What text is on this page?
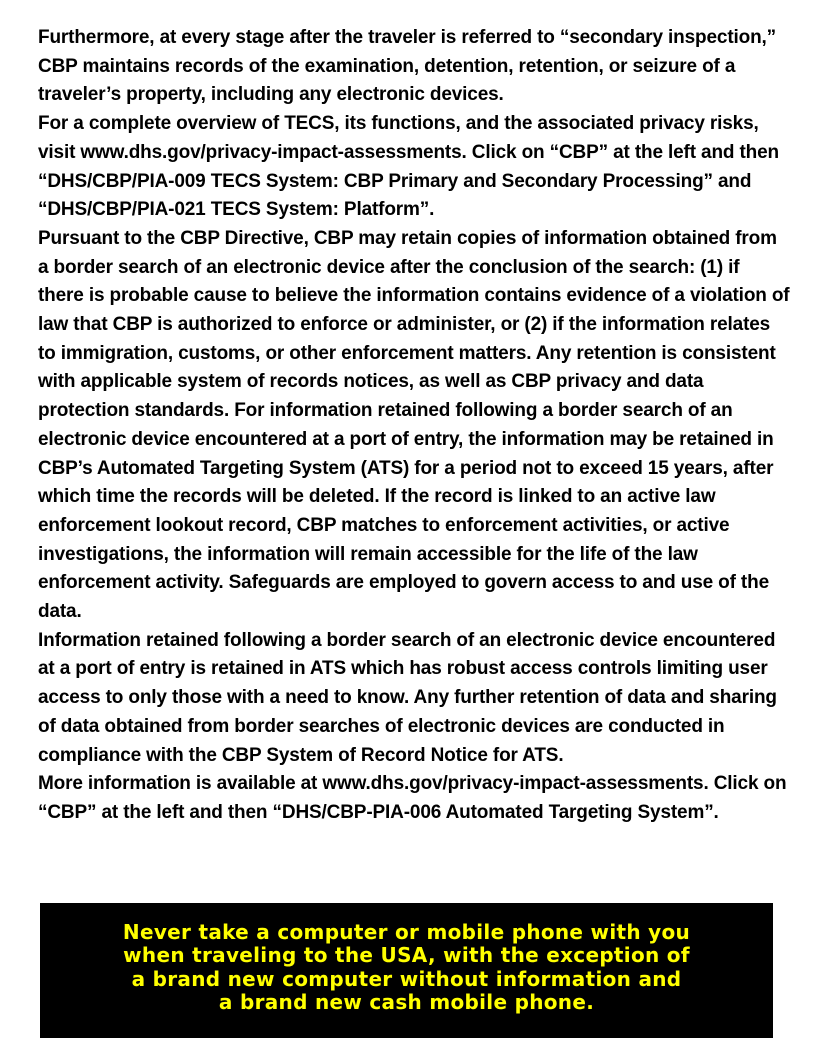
Furthermore, at every stage after the traveler is referred to “secondary inspection,” CBP maintains records of the examination, detention, retention, or seizure of a traveler’s property, including any electronic devices.

For a complete overview of TECS, its functions, and the associated privacy risks, visit www.dhs.gov/privacy-impact-assessments. Click on “CBP” at the left and then “DHS/CBP/PIA-009 TECS System: CBP Primary and Secondary Processing” and “DHS/CBP/PIA-021 TECS System: Platform”.

Pursuant to the CBP Directive, CBP may retain copies of information obtained from a border search of an electronic device after the conclusion of the search: (1) if there is probable cause to believe the information contains evidence of a violation of law that CBP is authorized to enforce or administer, or (2) if the information relates to immigration, customs, or other enforcement matters. Any retention is consistent with applicable system of records notices, as well as CBP privacy and data protection standards. For information retained following a border search of an electronic device encountered at a port of entry, the information may be retained in CBP’s Automated Targeting System (ATS) for a period not to exceed 15 years, after which time the records will be deleted. If the record is linked to an active law enforcement lookout record, CBP matches to enforcement activities, or active investigations, the information will remain accessible for the life of the law enforcement activity. Safeguards are employed to govern access to and use of the data.

Information retained following a border search of an electronic device encountered at a port of entry is retained in ATS which has robust access controls limiting user access to only those with a need to know. Any further retention of data and sharing of data obtained from border searches of electronic devices are conducted in compliance with the CBP System of Record Notice for ATS.

More information is available at www.dhs.gov/privacy-impact-assessments. Click on “CBP” at the left and then “DHS/CBP-PIA-006 Automated Targeting System”.

Never take a computer or mobile phone with you
when traveling to the USA, with the exception of
a brand new computer without information and
a brand new cash mobile phone.
